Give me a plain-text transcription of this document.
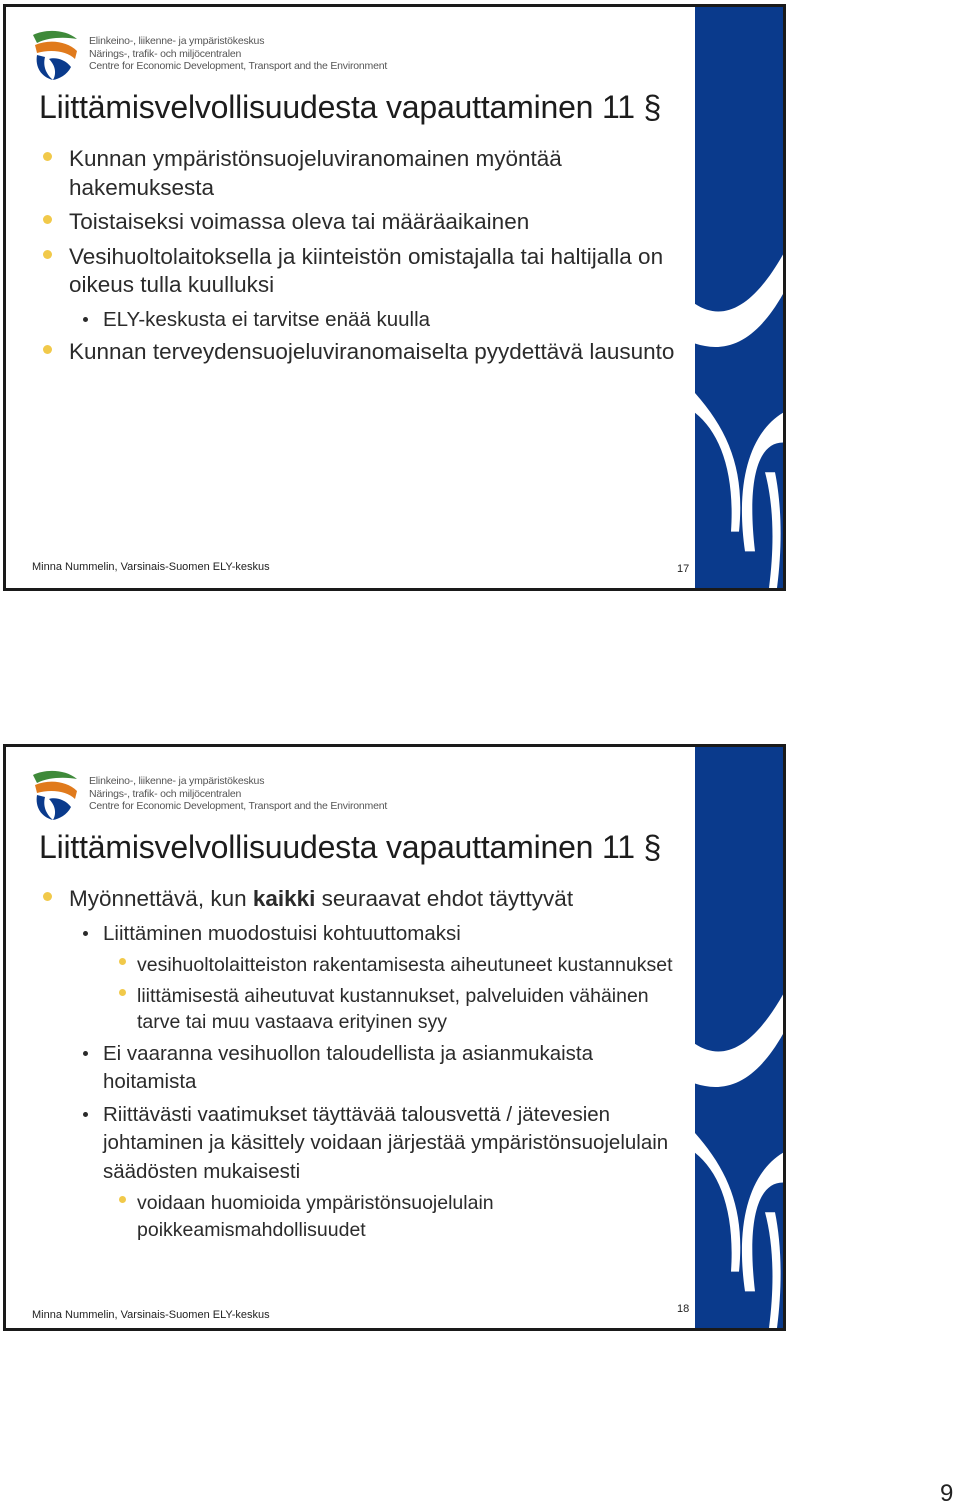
Elinkeino-, liikenne- ja ympäristökeskus
Närings-, trafik- och miljöcentralen
Centre for Economic Development, Transport and the Environment
Liittämisvelvollisuudesta vapauttaminen 11 §
Kunnan ympäristönsuojeluviranomainen myöntää hakemuksesta
Toistaiseksi voimassa oleva tai määräaikainen
Vesihuoltolaitoksella ja kiinteistön omistajalla tai haltijalla on oikeus tulla kuulluksi
ELY-keskusta ei tarvitse enää kuulla
Kunnan terveydensuojeluviranomaiselta pyydettävä lausunto
Minna Nummelin, Varsinais-Suomen ELY-keskus	17
Elinkeino-, liikenne- ja ympäristökeskus
Närings-, trafik- och miljöcentralen
Centre for Economic Development, Transport and the Environment
Liittämisvelvollisuudesta vapauttaminen 11 §
Myönnettävä, kun kaikki seuraavat ehdot täyttyvät
Liittäminen muodostuisi kohtuuttomaksi
vesihuoltolaitteiston rakentamisesta aiheutuneet kustannukset
liittämisestä aiheutuvat kustannukset, palveluiden vähäinen tarve tai muu vastaava erityinen syy
Ei vaaranna vesihuollon taloudellista ja asianmukaista hoitamista
Riittävästi vaatimukset täyttävää talousvettä / jätevesien johtaminen ja käsittely voidaan järjestää ympäristönsuojelulain säädösten mukaisesti
voidaan huomioida ympäristönsuojelulain poikkeamismahdollisuudet
Minna Nummelin, Varsinais-Suomen ELY-keskus	18
9
